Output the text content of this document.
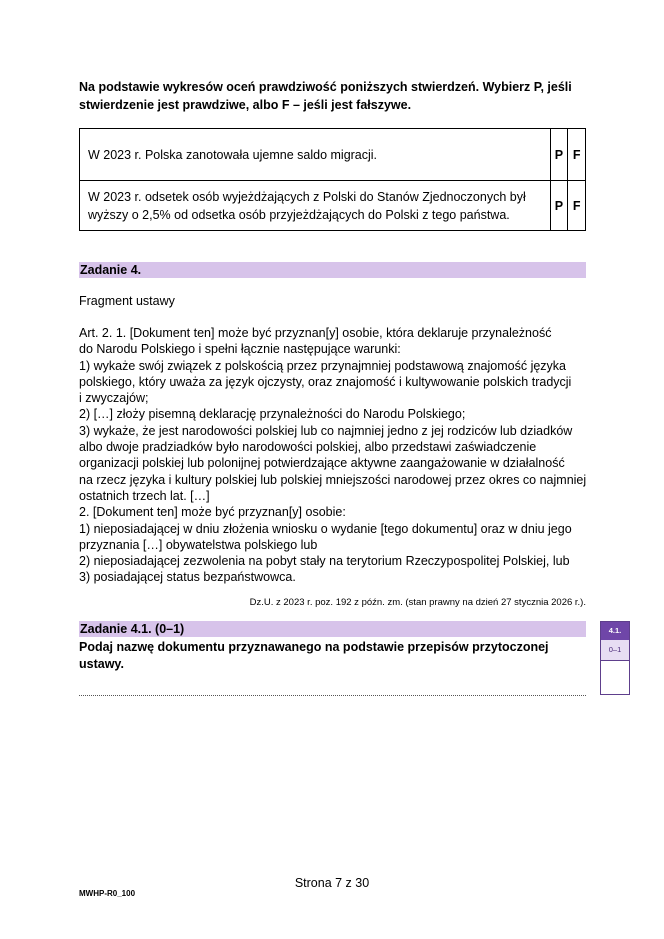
Na podstawie wykresów oceń prawdziwość poniższych stwierdzeń. Wybierz P, jeśli
stwierdzenie jest prawdziwe, albo F – jeśli jest fałszywe.
W 2023 r. Polska zanotowała ujemne saldo migracji.	P	F

W 2023 r. odsetek osób wyjeżdżających z Polski do Stanów Zjednoczonych był
wyższy o 2,5% od odsetka osób przyjeżdżających do Polski z tego państwa.	P	F
Zadanie 4.
Fragment ustawy
Art. 2. 1. [Dokument ten] może być przyznan[y] osobie, która deklaruje przynależność
do Narodu Polskiego i spełni łącznie następujące warunki:
1) wykaże swój związek z polskością przez przynajmniej podstawową znajomość języka
polskiego, który uważa za język ojczysty, oraz znajomość i kultywowanie polskich tradycji
i zwyczajów;
2) […] złoży pisemną deklarację przynależności do Narodu Polskiego;
3) wykaże, że jest narodowości polskiej lub co najmniej jedno z jej rodziców lub dziadków
albo dwoje pradziadków było narodowości polskiej, albo przedstawi zaświadczenie
organizacji polskiej lub polonijnej potwierdzające aktywne zaangażowanie w działalność
na rzecz języka i kultury polskiej lub polskiej mniejszości narodowej przez okres co najmniej
ostatnich trzech lat. […]
2. [Dokument ten] może być przyznan[y] osobie:
1) nieposiadającej w dniu złożenia wniosku o wydanie [tego dokumentu] oraz w dniu jego
przyznania […] obywatelstwa polskiego lub
2) nieposiadającej zezwolenia na pobyt stały na terytorium Rzeczypospolitej Polskiej, lub
3) posiadającej status bezpaństwowca.
Dz.U. z 2023 r. poz. 192 z późn. zm. (stan prawny na dzień 27 stycznia 2026 r.).
Zadanie 4.1. (0–1)
Podaj nazwę dokumentu przyznawanego na podstawie przepisów przytoczonej
ustawy.
4.1.
0–1
Strona 7 z 30
MWHP-R0_100
